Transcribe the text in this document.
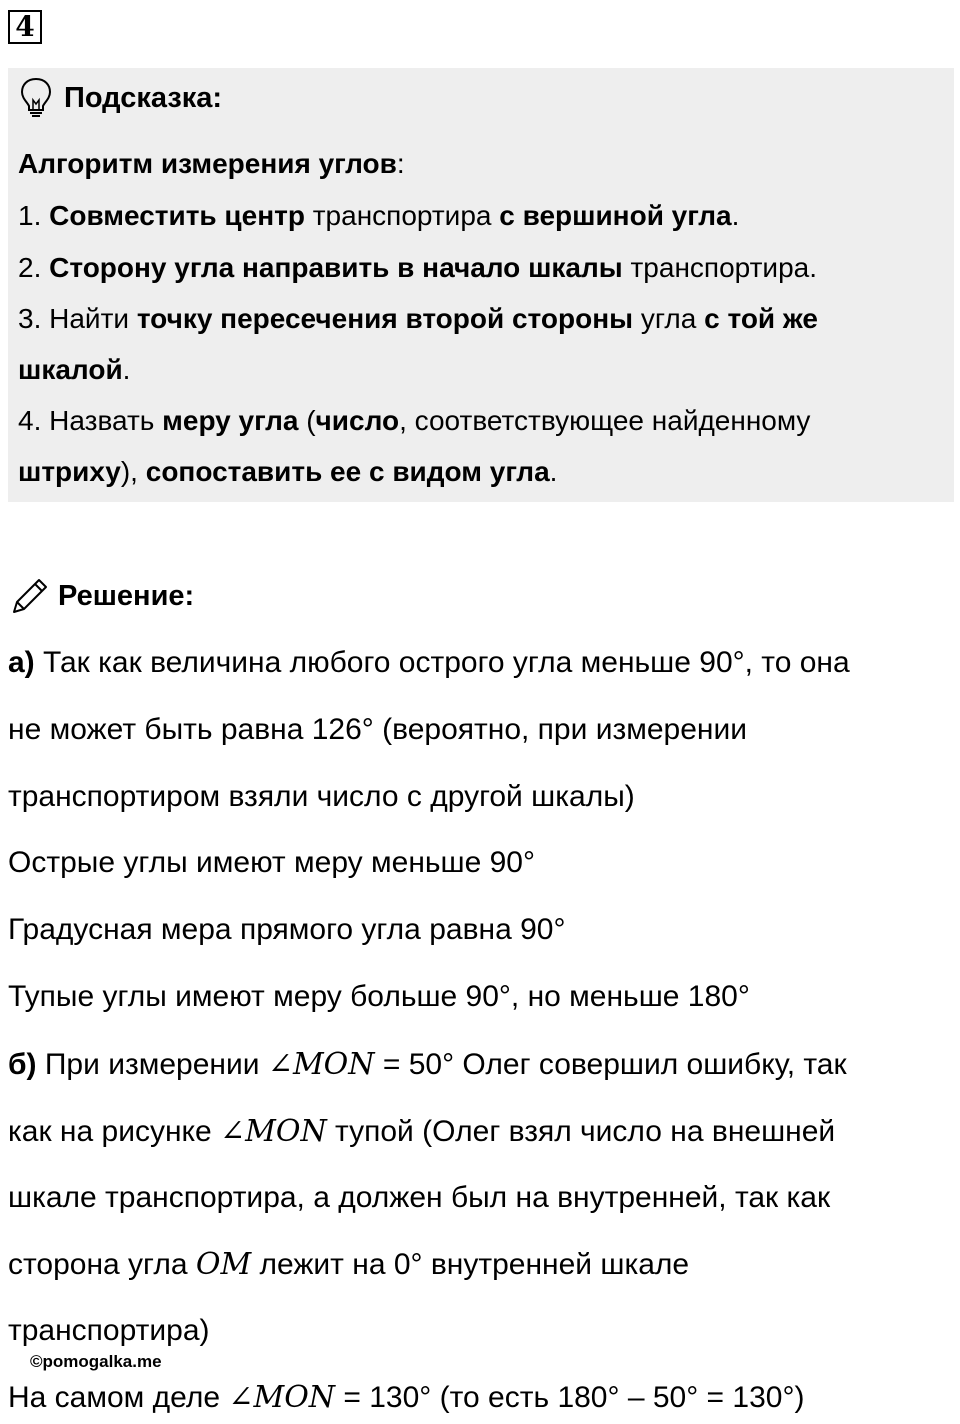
4
Подсказка:
Алгоритм измерения углов:
1. Совместить центр транспортира с вершиной угла.
2. Сторону угла направить в начало шкалы транспортира.
3. Найти точку пересечения второй стороны угла с той же
шкалой.
4. Назвать меру угла (число, соответствующее найденному
штриху), сопоставить ее с видом угла.
Решение:
а) Так как величина любого острого угла меньше 90°, то она
не может быть равна 126° (вероятно, при измерении
транспортиром взяли число с другой шкалы)
Острые углы имеют меру меньше 90°
Градусная мера прямого угла равна 90°
Тупые углы имеют меру больше 90°, но меньше 180°
б) При измерении ∠MON = 50° Олег совершил ошибку, так
как на рисунке ∠MON тупой (Олег взял число на внешней
шкале транспортира, а должен был на внутренней, так как
сторона угла OM лежит на 0° внутренней шкале
транспортира)
©pomogalka.me
На самом деле ∠MON = 130° (то есть 180° – 50° = 130°)
